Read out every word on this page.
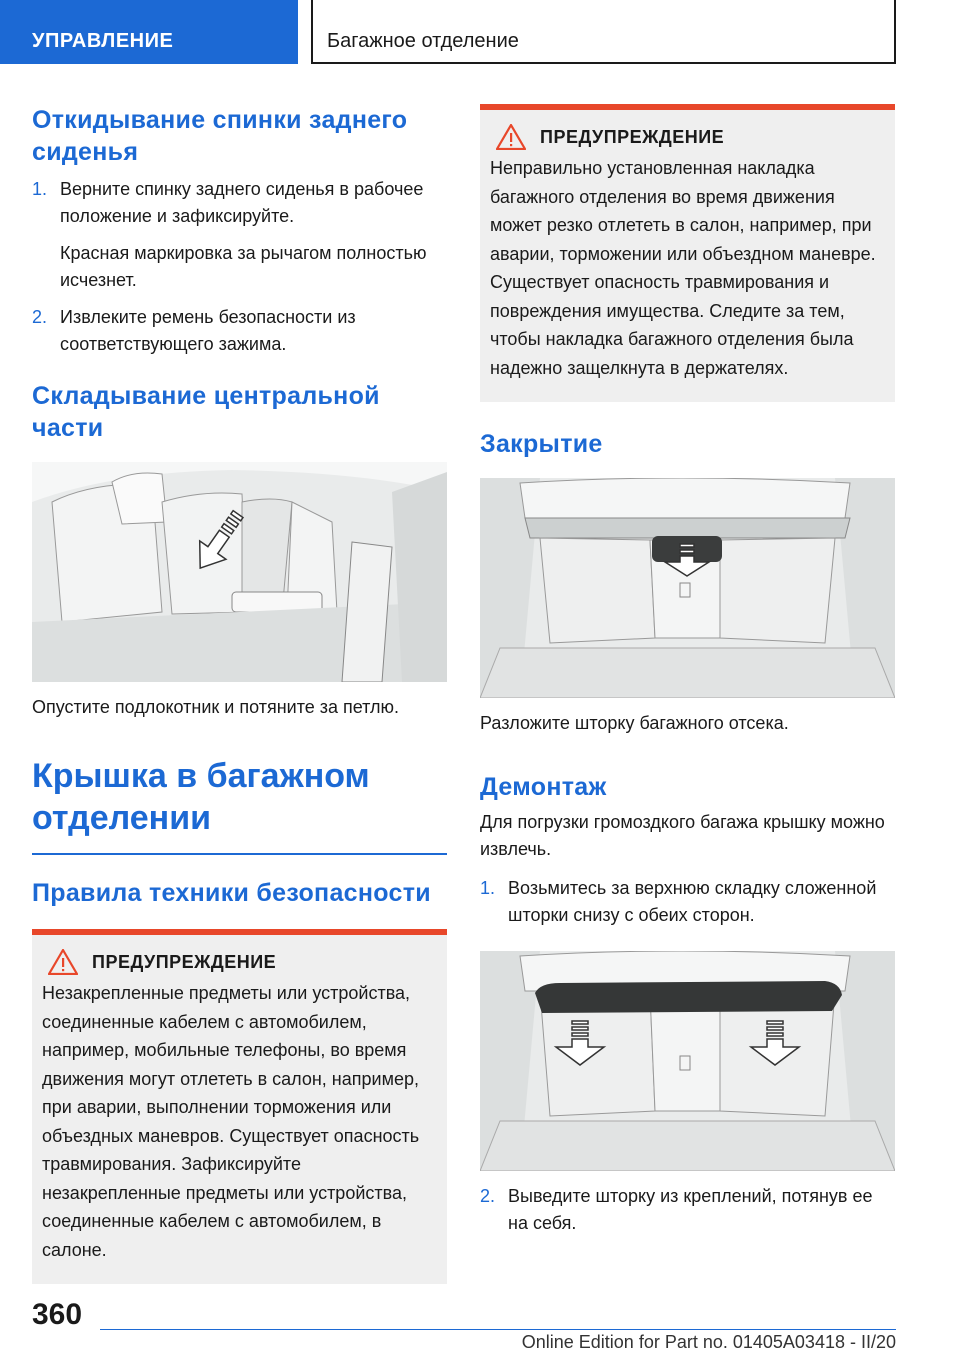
УПРАВЛЕНИЕ	Багажное отделение
Откидывание спинки заднего сиденья
1. Верните спинку заднего сиденья в рабочее положение и зафиксируйте.

Красная маркировка за рычагом полностью исчезнет.

2. Извлеките ремень безопасности из соответствующего зажима.
Складывание центральной части

Опустите подлокотник и потяните за петлю.

Крышка в багажном отделении
Правила техники безопасности
ПРЕДУПРЕЖДЕНИЕ

Незакрепленные предметы или устройства, соединенные кабелем с автомобилем, например, мобильные телефоны, во время движения могут отлететь в салон, например, при аварии, выполнении торможения или объездных маневров. Существует опасность травмирования. Зафиксируйте незакрепленные предметы или устройства, соединенные кабелем с автомобилем, в салоне.

ПРЕДУПРЕЖДЕНИЕ

Неправильно установленная накладка багажного отделения во время движения может резко отлететь в салон, например, при аварии, торможении или объездном маневре. Существует опасность травмирования и повреждения имущества. Следите за тем, чтобы накладка багажного отделения была надежно защелкнута в держателях.

Закрытие

Разложите шторку багажного отсека.

Демонтаж

Для погрузки громоздкого багажа крышку можно извлечь.

1. Возьмитесь за верхнюю складку сложенной шторки снизу с обеих сторон.
2. Выведите шторку из креплений, потянув ее на себя.
360
Online Edition for Part no. 01405A03418 - II/20
